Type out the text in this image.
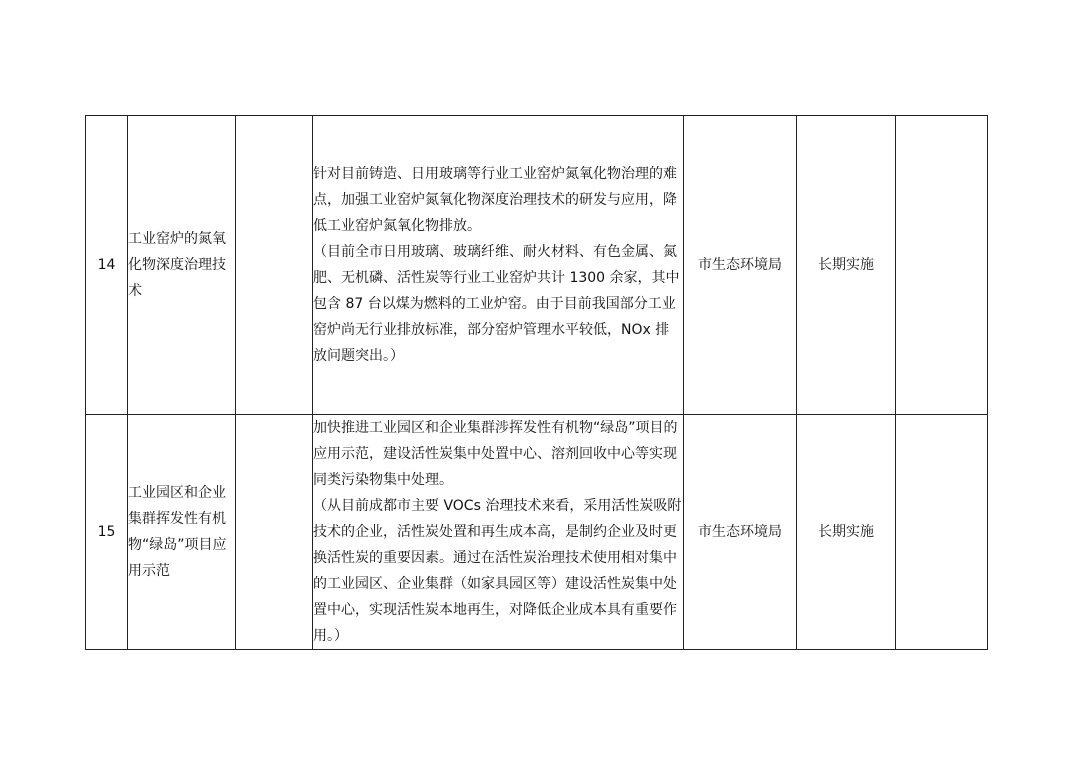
14	工业窑炉的氮氧化物深度治理技术		针对目前铸造、日用玻璃等行业工业窑炉氮氧化物治理的难点，加强工业窑炉氮氧化物深度治理技术的研发与应用，降低工业窑炉氮氧化物排放。
（目前全市日用玻璃、玻璃纤维、耐火材料、有色金属、氮肥、无机磷、活性炭等行业工业窑炉共计 1300 余家，其中包含 87 台以煤为燃料的工业炉窑。由于目前我国部分工业窑炉尚无行业排放标准，部分窑炉管理水平较低，NOx 排放问题突出。）	市生态环境局	长期实施	
15	工业园区和企业集群挥发性有机物“绿岛”项目应用示范		加快推进工业园区和企业集群涉挥发性有机物“绿岛”项目的应用示范，建设活性炭集中处置中心、溶剂回收中心等实现同类污染物集中处理。
（从目前成都市主要 VOCs 治理技术来看，采用活性炭吸附技术的企业，活性炭处置和再生成本高，是制约企业及时更换活性炭的重要因素。通过在活性炭治理技术使用相对集中的工业园区、企业集群（如家具园区等）建设活性炭集中处置中心，实现活性炭本地再生，对降低企业成本具有重要作用。）	市生态环境局	长期实施	
